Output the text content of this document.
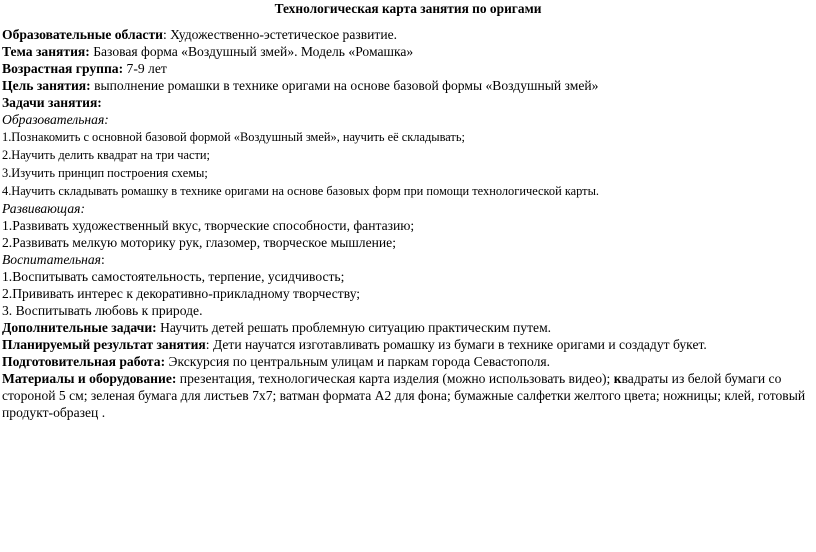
Технологическая карта занятия по оригами
Образовательные области: Художественно-эстетическое развитие.
Тема занятия: Базовая форма «Воздушный змей». Модель «Ромашка»
Возрастная группа: 7-9 лет
Цель занятия: выполнение ромашки в технике оригами на основе базовой формы «Воздушный змей»
Задачи занятия:
Образовательная:
1.Познакомить с основной базовой формой «Воздушный змей», научить её складывать;
2.Научить делить квадрат на три части;
3.Изучить принцип построения схемы;
4.Научить складывать ромашку в технике оригами на основе базовых форм при помощи технологической карты.
Развивающая:
1.Развивать художественный вкус, творческие способности, фантазию;
2.Развивать мелкую моторику рук, глазомер, творческое мышление;
Воспитательная:
1.Воспитывать самостоятельность, терпение, усидчивость;
2.Прививать интерес к декоративно-прикладному творчеству;
3. Воспитывать любовь к природе.
Дополнительные задачи: Научить детей решать проблемную ситуацию практическим путем.
Планируемый результат занятия: Дети научатся изготавливать ромашку из бумаги в технике оригами и создадут букет.
Подготовительная работа: Экскурсия по центральным улицам и паркам города Севастополя.
Материалы и оборудование: презентация, технологическая карта изделия (можно использовать видео); квадраты из белой бумаги со стороной 5 см; зеленая бумага для листьев 7х7; ватман формата А2 для фона; бумажные салфетки желтого цвета; ножницы; клей, готовый продукт-образец .
